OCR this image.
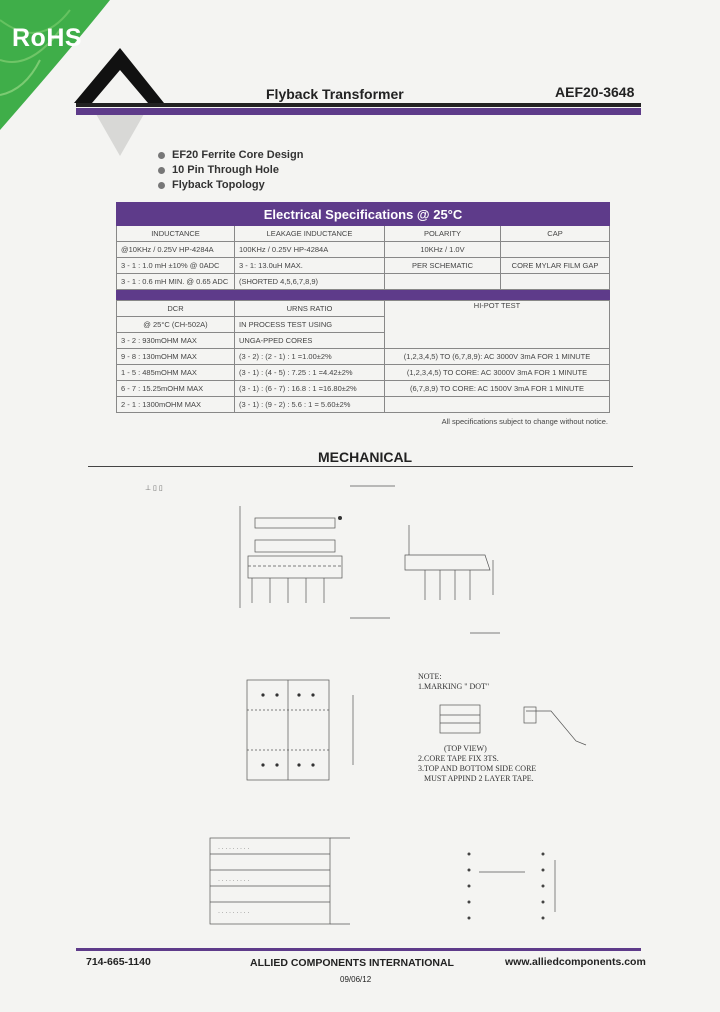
RoHS
Flyback Transformer	AEF20-3648
EF20 Ferrite Core Design
10 Pin Through Hole
Flyback Topology
Electrical Specifications @ 25°C			
INDUCTANCE	LEAKAGE INDUCTANCE	POLARITY	CAP
@10KHz / 0.25V HP-4284A	100KHz / 0.25V HP-4284A	10KHz / 1.0V	
3 - 1 : 1.0 mH ±10% @ 0ADC	3 - 1: 13.0uH MAX.	PER SCHEMATIC	CORE MYLAR FILM GAP
3 - 1 : 0.6 mH MIN. @ 0.65 ADC	(SHORTED 4,5,6,7,8,9)		

DCR	URNS RATIO	HI-POT TEST
@ 25°C (CH-502A)	IN PROCESS TEST USING	
3 - 2 : 930mOHM MAX	UNGA-PPED CORES	
9 - 8 : 130mOHM MAX	(3 - 2) : (2 - 1) : 1 =1.00±2%	(1,2,3,4,5) TO (6,7,8,9): AC 3000V 3mA FOR 1 MINUTE
1 - 5 : 485mOHM MAX	(3 - 1) : (4 - 5) : 7.25 : 1 =4.42±2%	(1,2,3,4,5) TO CORE: AC 3000V 3mA FOR 1 MINUTE
6 - 7 : 15.25mOHM MAX	(3 - 1) : (6 - 7) : 16.8 : 1 =16.80±2%	(6,7,8,9) TO CORE: AC 1500V 3mA FOR 1 MINUTE
2 - 1 : 1300mOHM MAX	(3 - 1) : (9 - 2) : 5.6 : 1 = 5.60±2%	
All specifications subject to change without notice.
MECHANICAL
⊥ ▯ ▯
NOTE:
1.MARKING " DOT"
(TOP VIEW)
2.CORE TAPE FIX 3TS.
3.TOP AND BOTTOM SIDE CORE
MUST APPIND 2 LAYER TAPE.
· · · · · · · · ·
· · · · · · · · ·
· · · · · · · · ·
714-665-1140	ALLIED COMPONENTS INTERNATIONAL	www.alliedcomponents.com
09/06/12
